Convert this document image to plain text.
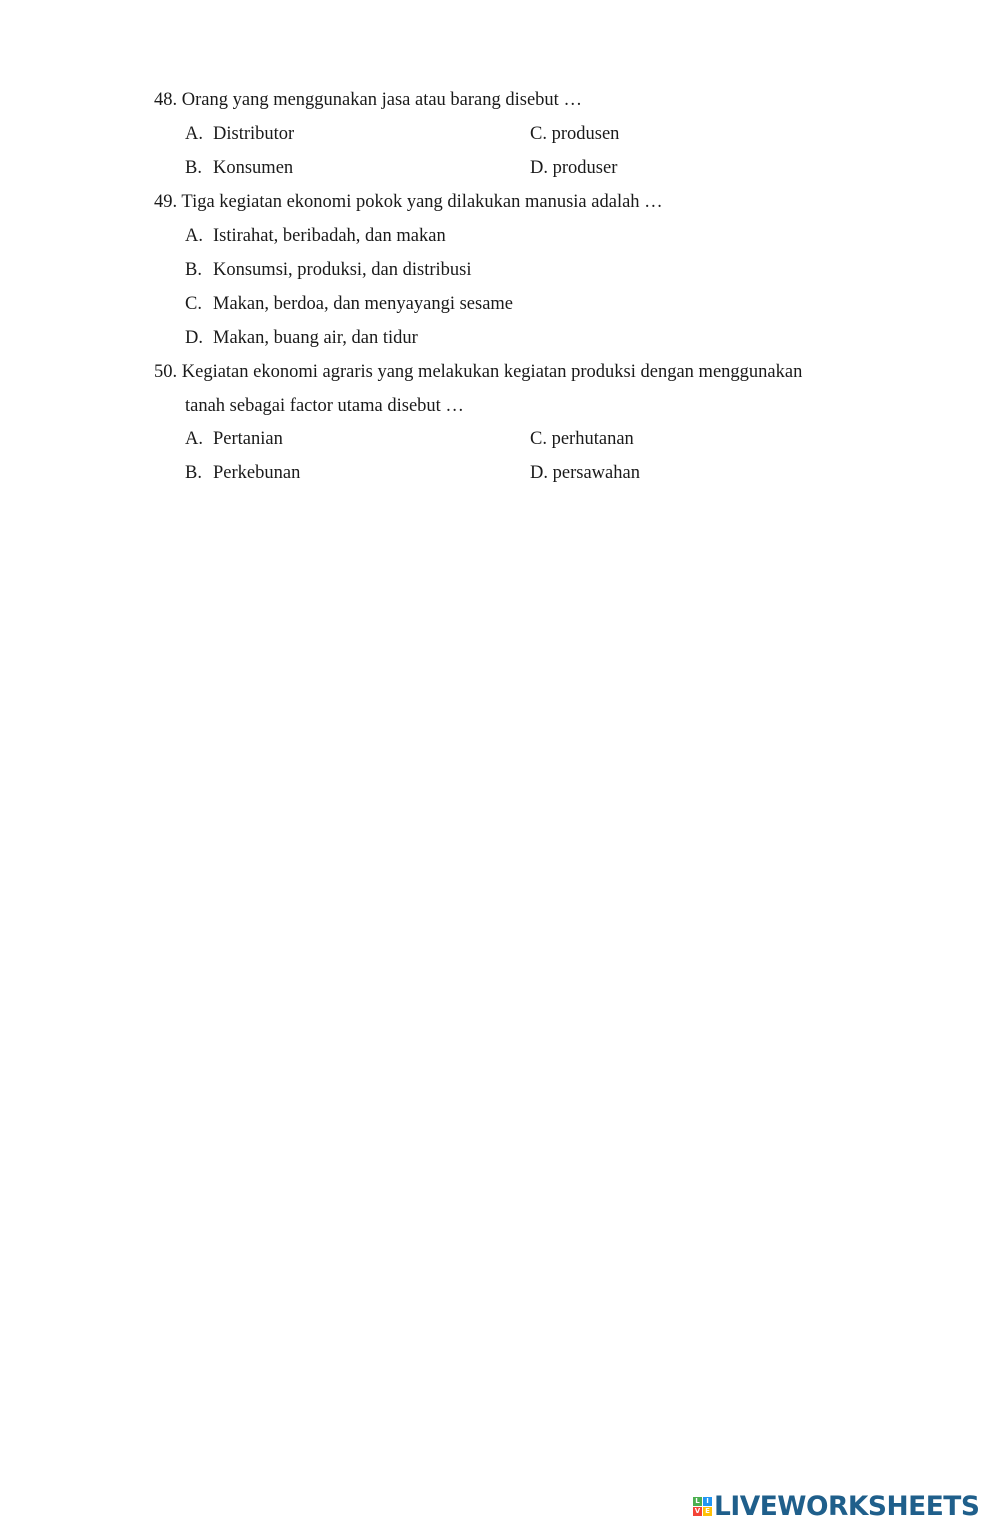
48. Orang yang menggunakan jasa atau barang disebut …
A. Distributor	C. produsen
B. Konsumen	D. produser
49. Tiga kegiatan ekonomi pokok yang dilakukan manusia adalah …
A. Istirahat, beribadah, dan makan
B. Konsumsi, produksi, dan distribusi
C. Makan, berdoa, dan menyayangi sesame
D. Makan, buang air, dan tidur
50. Kegiatan ekonomi agraris yang melakukan kegiatan produksi dengan menggunakan
tanah sebagai factor utama disebut …
A. Pertanian	C. perhutanan
B. Perkebunan	D. persawahan
L I
V E LIVEWORKSHEETS
